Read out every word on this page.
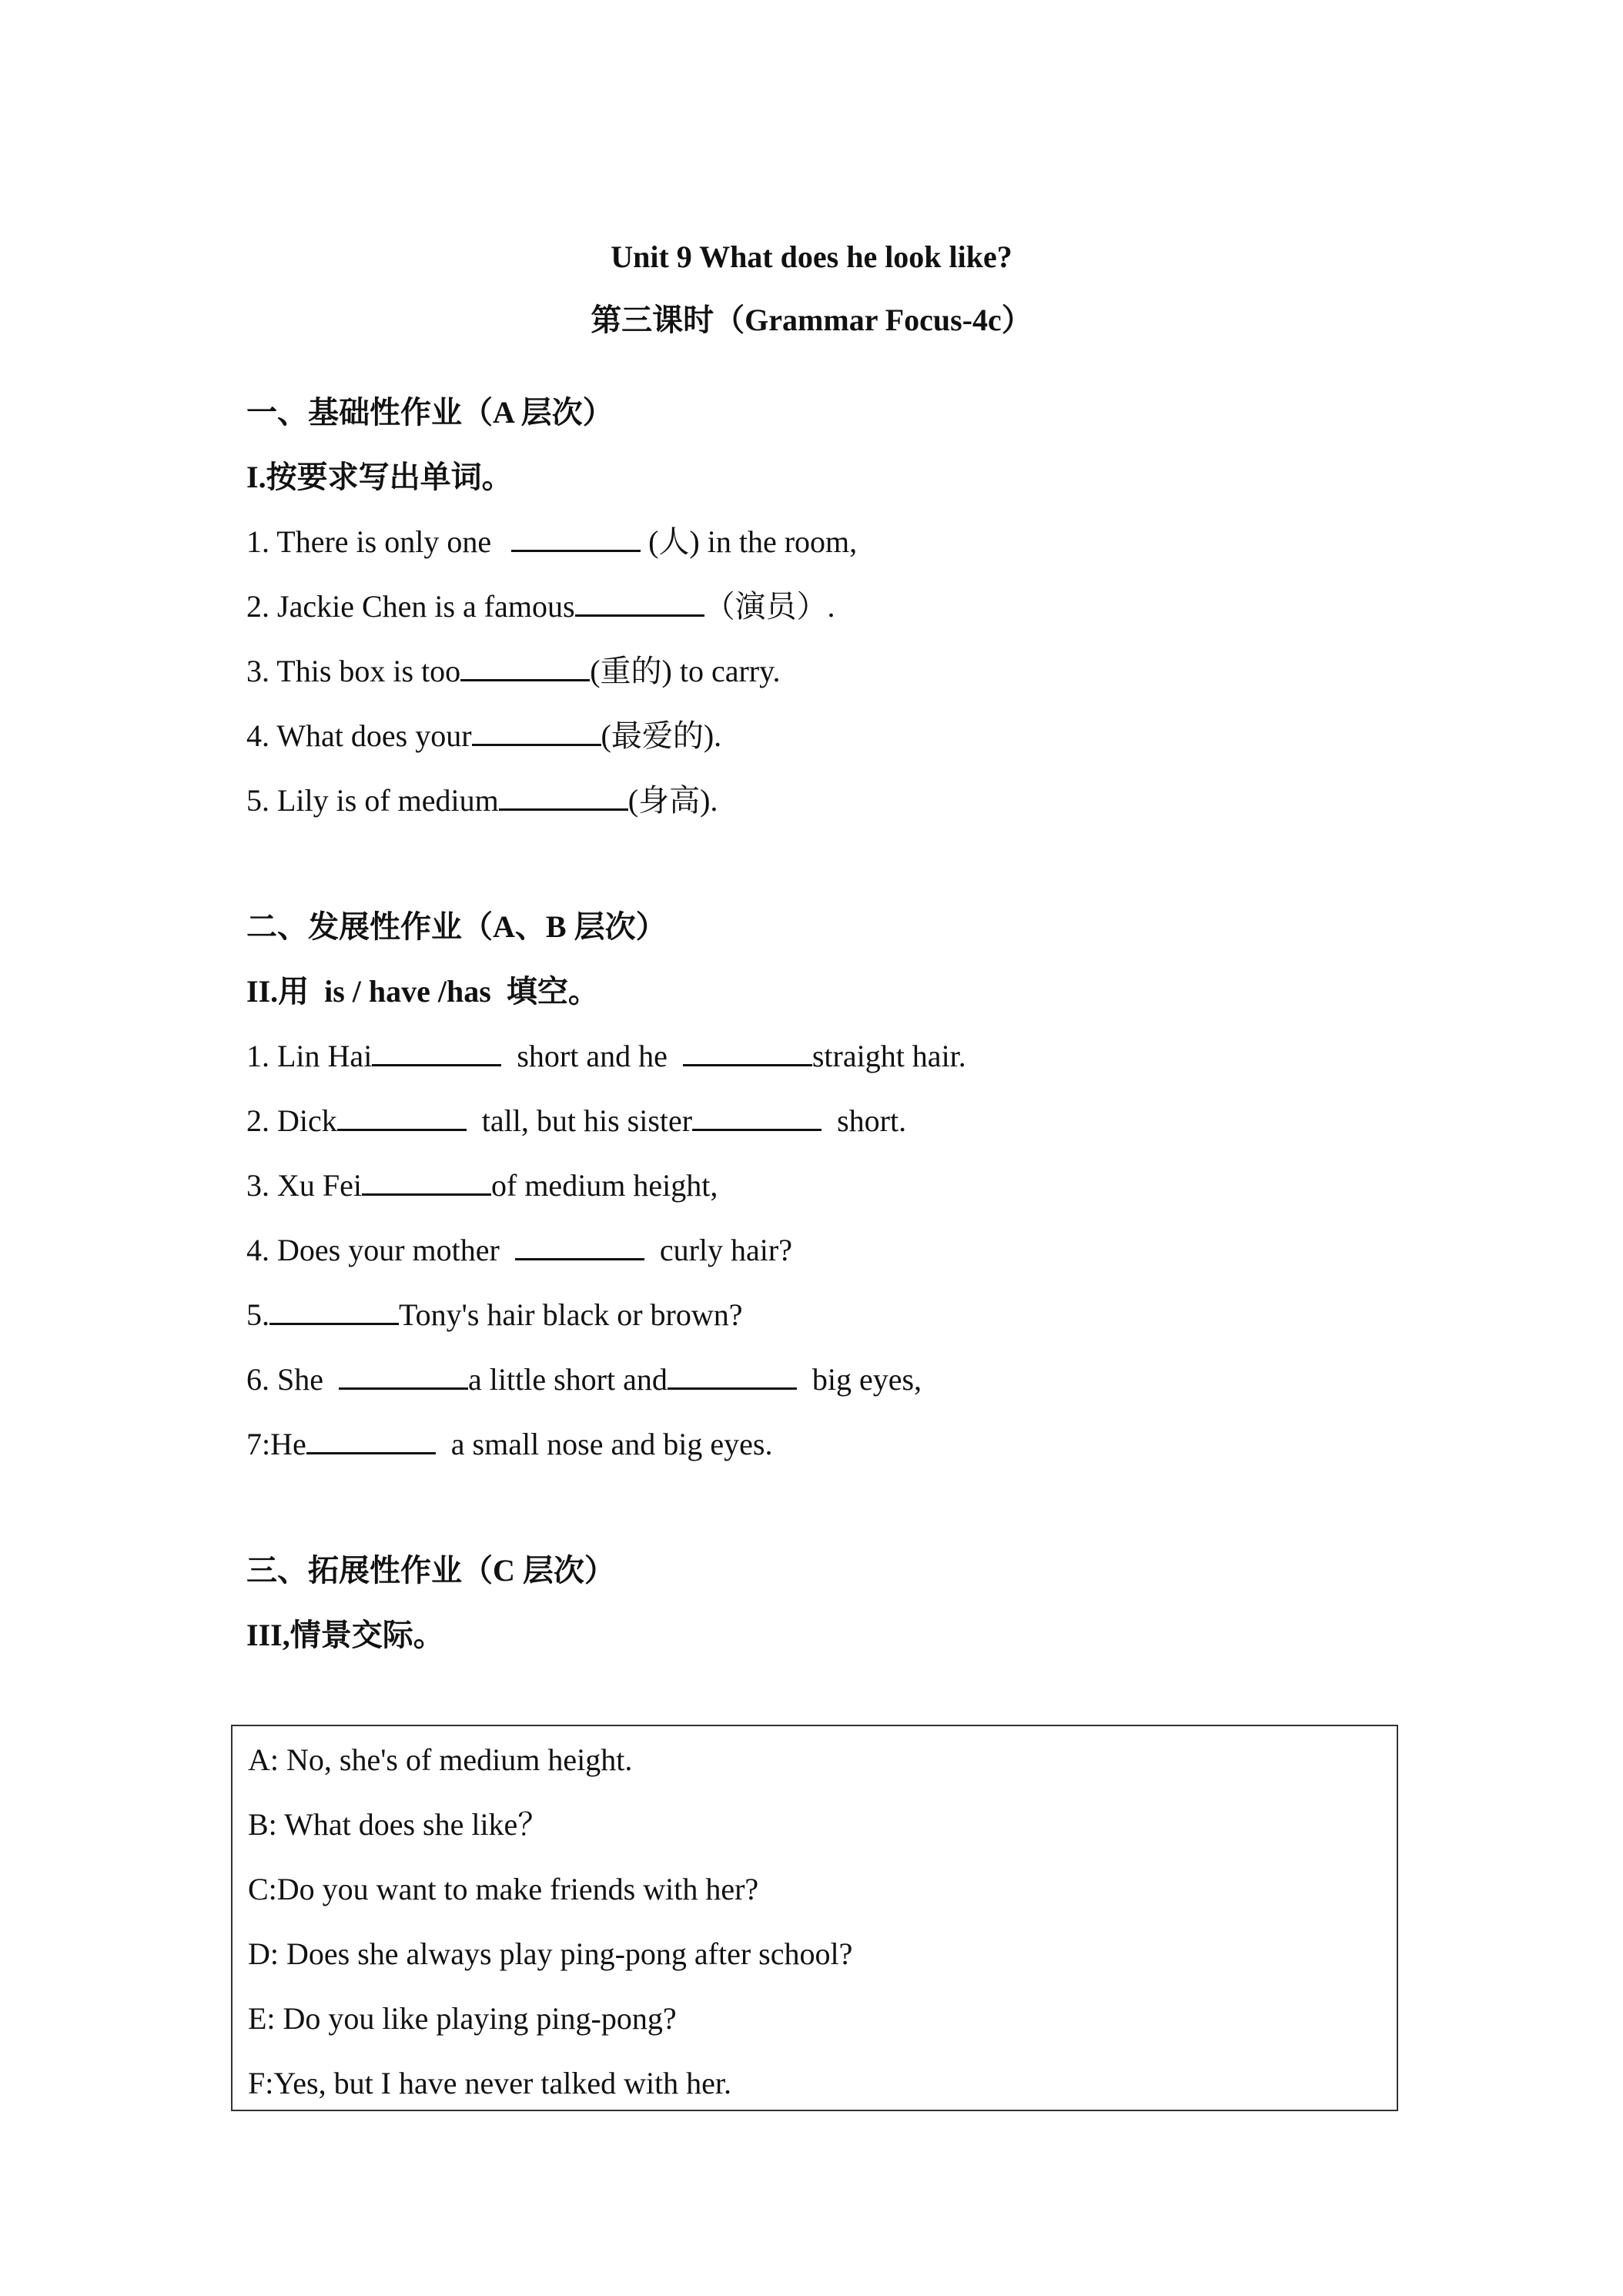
Unit 9 What does he look like?
第三课时（Grammar Focus-4c）
一、基础性作业（A 层次）
I.按要求写出单词。
1. There is only one	(人) in the room,
2. Jackie Chen is a famous	（演员）.
3. This box is too	(重的) to carry.
4. What does your	(最爱的).
5. Lily is of medium	(身高).
二、发展性作业（A、B 层次）
II.用  is / have /has  填空。
1. Lin Hai	short and he	straight hair.
2. Dick	tall, but his sister	short.
3. Xu Fei	of medium height,
4. Does your mother	curly hair?
5.	Tony's hair black or brown?
6. She	a little short and	big eyes,
7:He	a small nose and big eyes.
三、拓展性作业（C 层次）
III,情景交际。
A: No, she's of medium height.
B: What does she like？
C:Do you want to make friends with her?
D: Does she always play ping-pong after school?
E: Do you like playing ping-pong?
F:Yes, but I have never talked with her.
